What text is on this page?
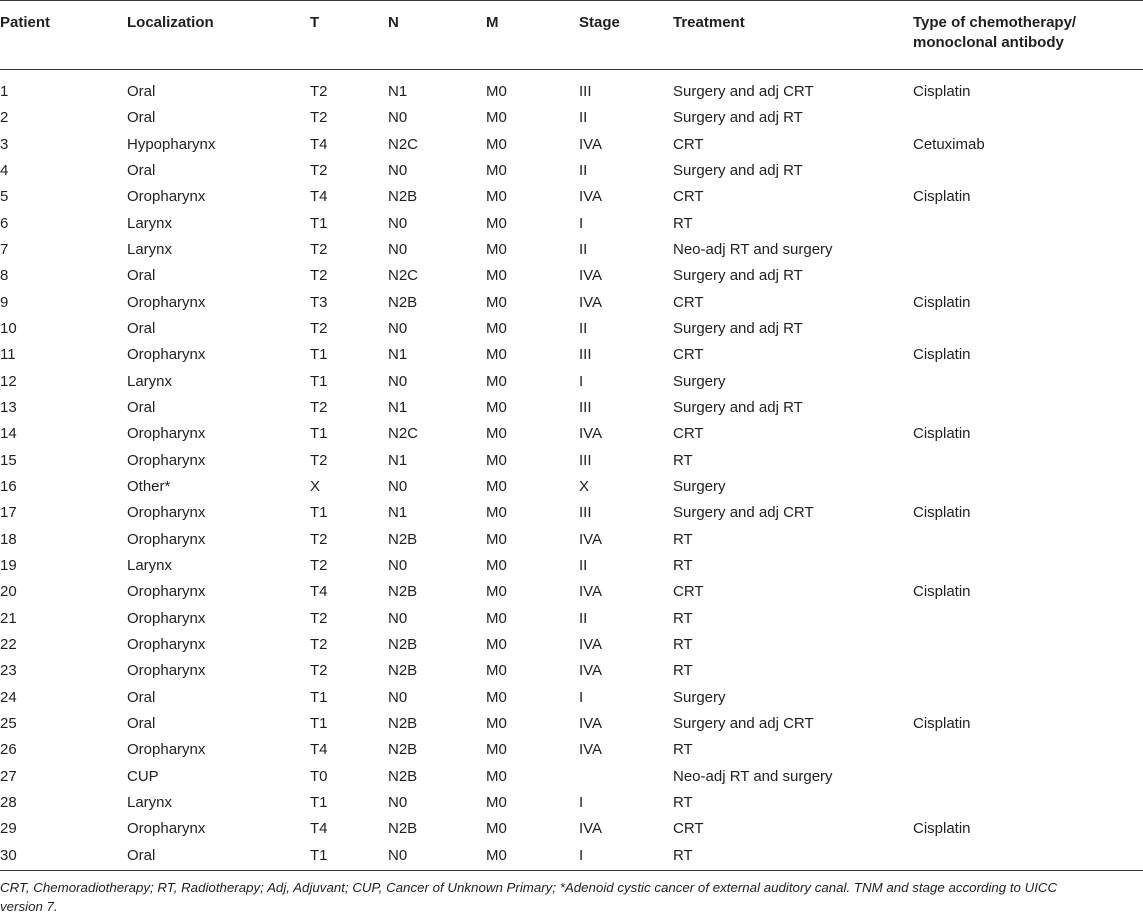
Patient	Localization	T	N	M	Stage	Treatment	Type of chemotherapy/
monoclonal antibody

1	Oral	T2	N1	M0	III	Surgery and adj CRT	Cisplatin
2	Oral	T2	N0	M0	II	Surgery and adj RT	
3	Hypopharynx	T4	N2C	M0	IVA	CRT	Cetuximab
4	Oral	T2	N0	M0	II	Surgery and adj RT	
5	Oropharynx	T4	N2B	M0	IVA	CRT	Cisplatin
6	Larynx	T1	N0	M0	I	RT	
7	Larynx	T2	N0	M0	II	Neo-adj RT and surgery	
8	Oral	T2	N2C	M0	IVA	Surgery and adj RT	
9	Oropharynx	T3	N2B	M0	IVA	CRT	Cisplatin
10	Oral	T2	N0	M0	II	Surgery and adj RT	
11	Oropharynx	T1	N1	M0	III	CRT	Cisplatin
12	Larynx	T1	N0	M0	I	Surgery	
13	Oral	T2	N1	M0	III	Surgery and adj RT	
14	Oropharynx	T1	N2C	M0	IVA	CRT	Cisplatin
15	Oropharynx	T2	N1	M0	III	RT	
16	Other*	X	N0	M0	X	Surgery	
17	Oropharynx	T1	N1	M0	III	Surgery and adj CRT	Cisplatin
18	Oropharynx	T2	N2B	M0	IVA	RT	
19	Larynx	T2	N0	M0	II	RT	
20	Oropharynx	T4	N2B	M0	IVA	CRT	Cisplatin
21	Oropharynx	T2	N0	M0	II	RT	
22	Oropharynx	T2	N2B	M0	IVA	RT	
23	Oropharynx	T2	N2B	M0	IVA	RT	
24	Oral	T1	N0	M0	I	Surgery	
25	Oral	T1	N2B	M0	IVA	Surgery and adj CRT	Cisplatin
26	Oropharynx	T4	N2B	M0	IVA	RT	
27	CUP	T0	N2B	M0		Neo-adj RT and surgery	
28	Larynx	T1	N0	M0	I	RT	
29	Oropharynx	T4	N2B	M0	IVA	CRT	Cisplatin
30	Oral	T1	N0	M0	I	RT	
CRT, Chemoradiotherapy; RT, Radiotherapy; Adj, Adjuvant; CUP, Cancer of Unknown Primary; *Adenoid cystic cancer of external auditory canal. TNM and stage according to UICC
version 7.
